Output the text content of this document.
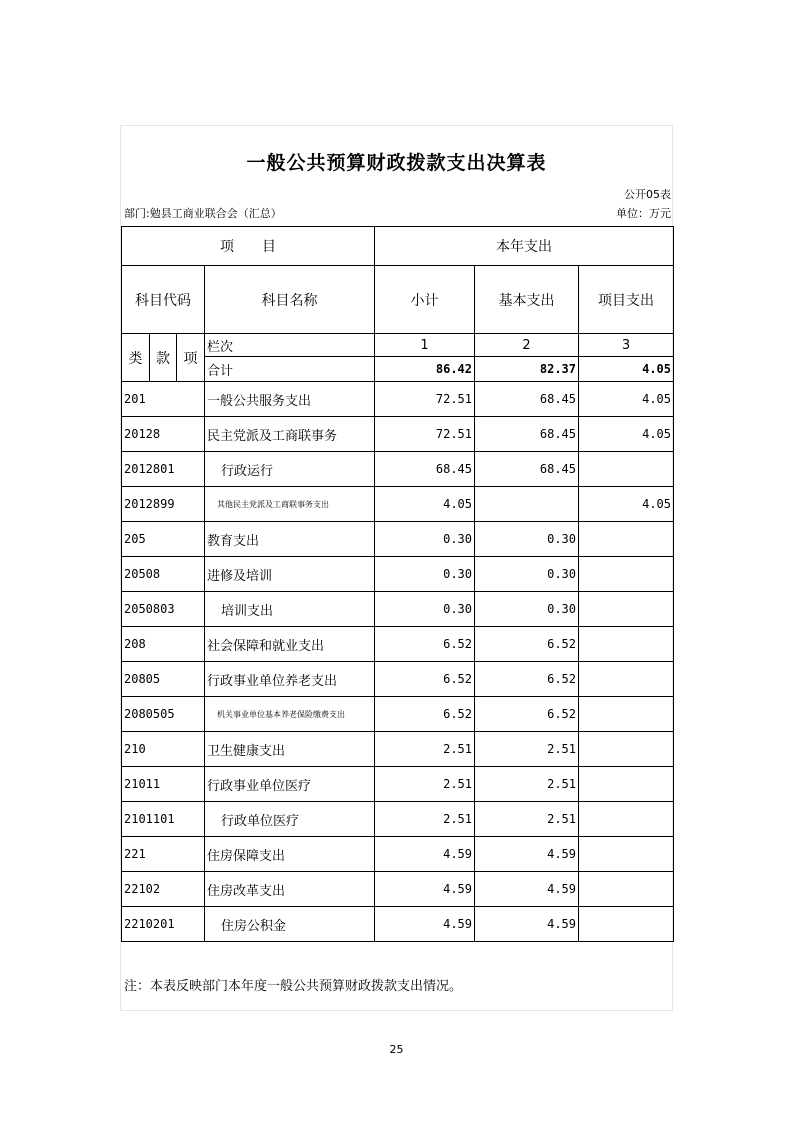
一般公共预算财政拨款支出决算表
公开05表
部门:勉县工商业联合会（汇总）	单位：万元
项　　目				本年支出		
科目代码			科目名称	小计	基本支出	项目支出
类	款	项	栏次	1	2	3
			合计	86.42	82.37	4.05
201			一般公共服务支出	72.51	68.45	4.05
20128			民主党派及工商联事务	72.51	68.45	4.05
2012801			行政运行	68.45	68.45	
2012899			其他民主党派及工商联事务支出	4.05		4.05
205			教育支出	0.30	0.30	
20508			进修及培训	0.30	0.30	
2050803			培训支出	0.30	0.30	
208			社会保障和就业支出	6.52	6.52	
20805			行政事业单位养老支出	6.52	6.52	
2080505			机关事业单位基本养老保险缴费支出	6.52	6.52	
210			卫生健康支出	2.51	2.51	
21011			行政事业单位医疗	2.51	2.51	
2101101			行政单位医疗	2.51	2.51	
221			住房保障支出	4.59	4.59	
22102			住房改革支出	4.59	4.59	
2210201			住房公积金	4.59	4.59	
注：本表反映部门本年度一般公共预算财政拨款支出情况。
25
